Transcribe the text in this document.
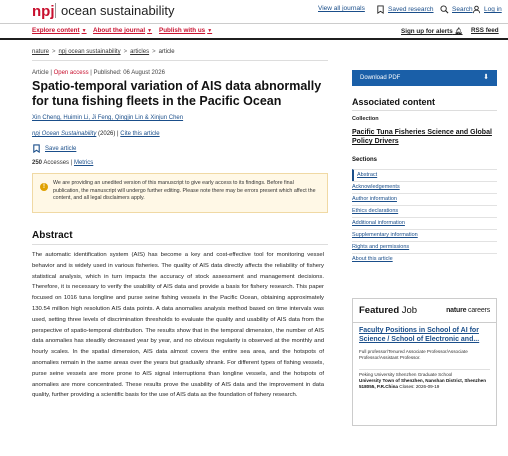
npj ocean sustainability	View all journals	Saved research	Search Log in
Explore content ▼ About the journal ▼ Publish with us ▼	Sign up for alerts 🔔︎ RSS feed
nature > npj ocean sustainability > articles > article
Article | Open access | Published: 06 August 2026
Spatio-temporal variation of AIS data abnormally for tuna fishing fleets in the Pacific Ocean
Xin Cheng, Huimin Li, Ji Feng, Qingjin Lin & Xinjun Chen
npj Ocean Sustainability (2026) | Cite this article
Save article
250 Accesses | Metrics
!
We are providing an unedited version of this manuscript to give early access to its findings. Before final publication, the manuscript will undergo further editing. Please note there may be errors present which affect the content, and all legal disclaimers apply.
Abstract
The automatic identification system (AIS) has become a key and cost-effective tool for monitoring vessel behavior and is widely used in various fisheries. The quality of AIS data directly affects the reliability of fishery statistical analysis, which in turn impacts the accuracy of stock assessment and management decisions. Therefore, it is necessary to verify the usability of AIS data and provide a basis for fishery research. This paper focused on 1016 tuna longline and purse seine fishing vessels in the Pacific Ocean, obtaining approximately 130.54 million high resolution AIS data points. A data anomalies analysis method based on time intervals was used, setting three levels of discrimination thresholds to evaluate the quality and usability of AIS data from the perspective of spatio-temporal distribution. The results show that in the temporal dimension, the number of AIS data anomalies has steadily decreased year by year, and no obvious regularity is observed at the monthly and hourly scales. In the spatial dimension, AIS data almost covers the entire sea area, and the hotspots of anomalies remain in the same areas over the years but gradually shrank. For different types of fishing vessels, purse seine vessels are more prone to AIS signal interruptions than longline vessels, and the hotspots of anomalies are more concentrated. These results prove the usability of AIS data and the improvement in data quality, further providing a scientific basis for the use of AIS data as the foundation of fishery research.
Download PDF	⬇︎
Associated content
Collection
Pacific Tuna Fisheries Science and Global Policy Drivers
Sections
Abstract
Acknowledgements
Author information
Ethics declarations
Additional information
Supplementary information
Rights and permissions
About this article
Featured Job	nature careers
Faculty Positions in School of AI for Science / School of Electronic and...
Full professor/Tenured Associate Professor/Associate Professor/Assistant Professor.
Peking University Shenzhen Graduate School
University Town of Shenzhen, Nanshan District, Shenzhen 518055, P.R.China Closes: 2026-09-19
